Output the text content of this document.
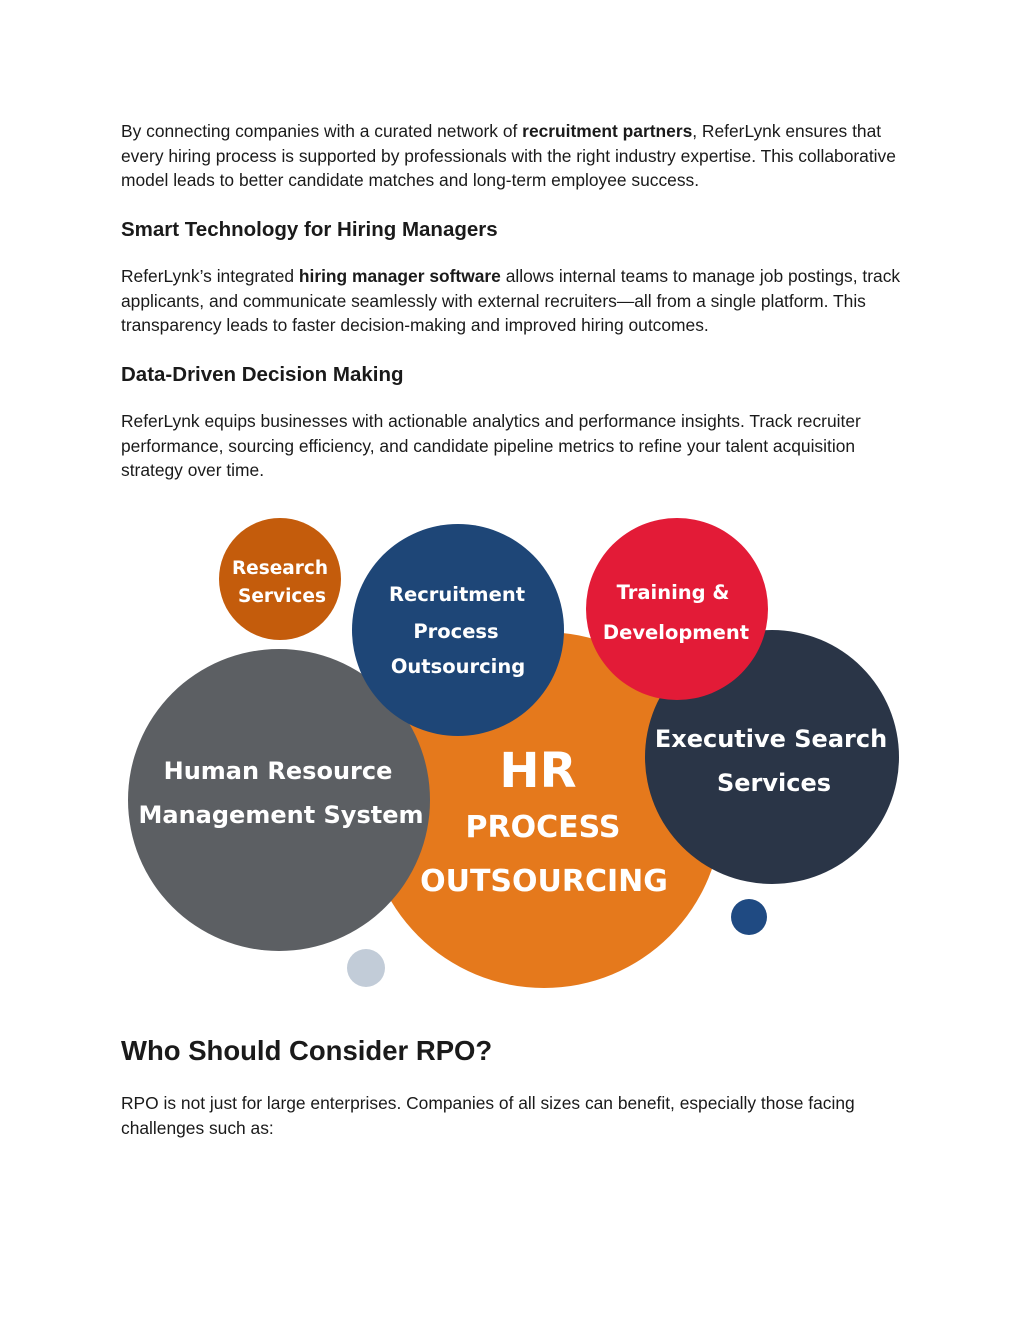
By connecting companies with a curated network of recruitment partners, ReferLynk ensures that every hiring process is supported by professionals with the right industry expertise. This collaborative model leads to better candidate matches and long-term employee success.

Smart Technology for Hiring Managers

ReferLynk’s integrated hiring manager software allows internal teams to manage job postings, track applicants, and communicate seamlessly with external recruiters—all from a single platform. This transparency leads to faster decision-making and improved hiring outcomes.

Data-Driven Decision Making

ReferLynk equips businesses with actionable analytics and performance insights. Track recruiter performance, sourcing efficiency, and candidate pipeline metrics to refine your talent acquisition strategy over time.

Who Should Consider RPO?

RPO is not just for large enterprises. Companies of all sizes can benefit, especially those facing challenges such as:

Research
Services	Recruitment
Process
Outsourcing
Training &
Development
Human Resource
Management System
Executive Search
Services
HR
PROCESS
OUTSOURCING
